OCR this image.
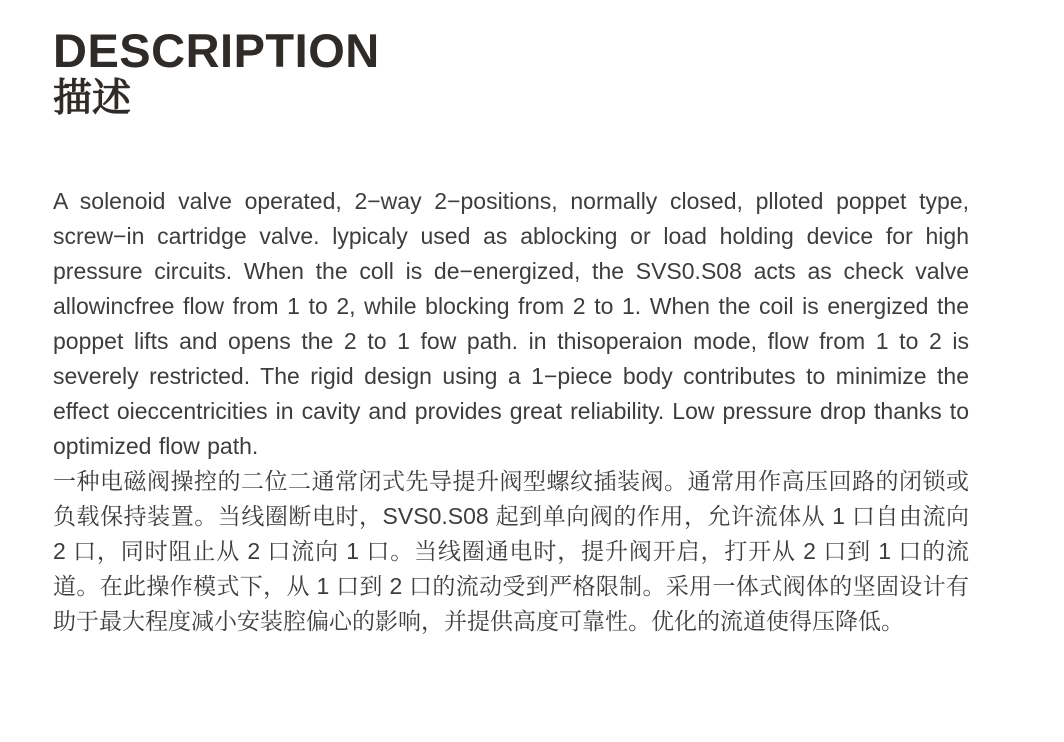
DESCRIPTION
描述

A solenoid valve operated, 2−way 2−positions, normally closed, plloted poppet type, screw−in cartridge valve. lypicaly used as ablocking or load holding device for high pressure circuits. When the coll is de−energized, the SVS0.S08 acts as check valve allowincfree flow from 1 to 2, while blocking from 2 to 1. When the coil is energized the poppet lifts and opens the 2 to 1 fow path. in thisoperaion mode, flow from 1 to 2 is severely restricted. The rigid design using a 1−piece body contributes to minimize the effect oieccentricities in cavity and provides great reliability. Low pressure drop thanks to optimized flow path.

一种电磁阀操控的二位二通常闭式先导提升阀型螺纹插装阀。通常用作高压回路的闭锁或负载保持装置。当线圈断电时，SVS0.S08 起到单向阀的作用，允许流体从 1 口自由流向 2 口，同时阻止从 2 口流向 1 口。当线圈通电时，提升阀开启，打开从 2 口到 1 口的流道。在此操作模式下，从 1 口到 2 口的流动受到严格限制。采用一体式阀体的坚固设计有助于最大程度减小安装腔偏心的影响，并提供高度可靠性。优化的流道使得压降低。
